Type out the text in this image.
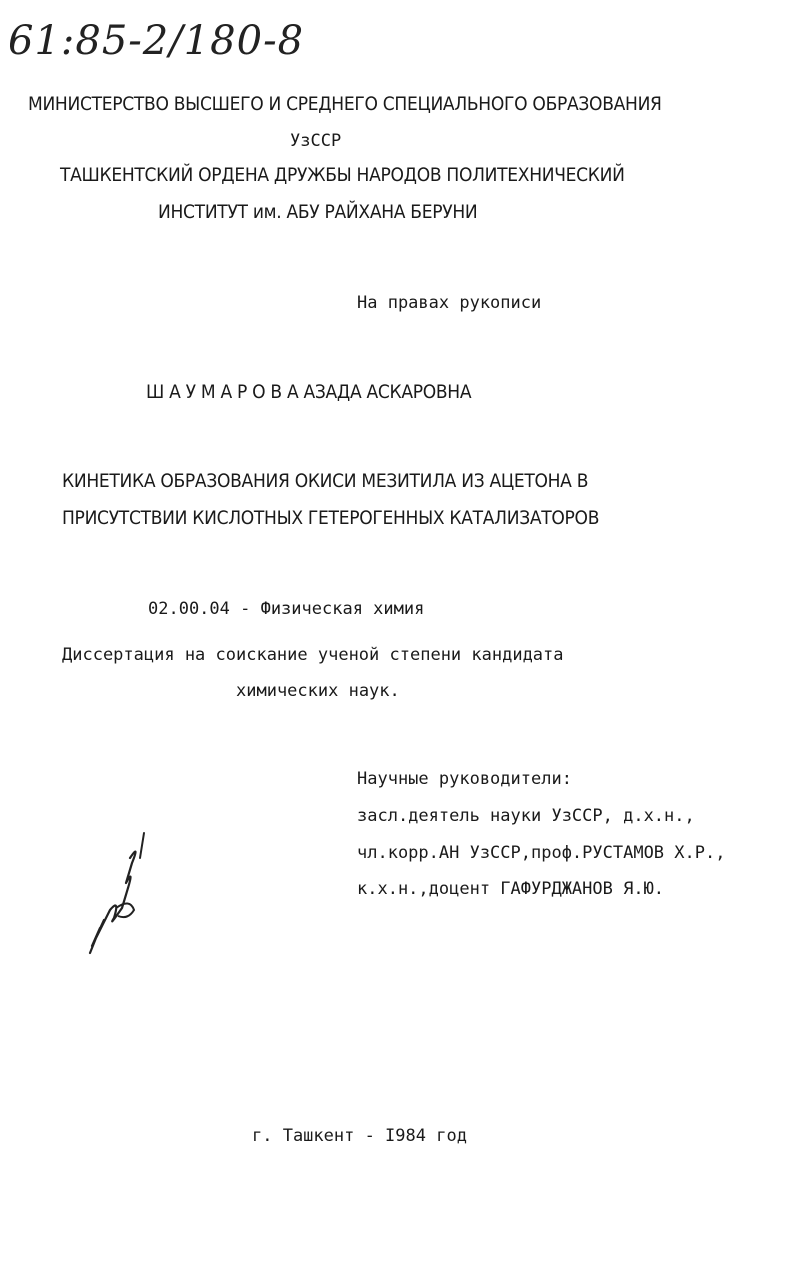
61:85-2/180-8
МИНИСТЕРСТВО ВЫСШЕГО И СРЕДНЕГО СПЕЦИАЛЬНОГО ОБРАЗОВАНИЯ
УзССР
ТАШКЕНТСКИЙ ОРДЕНА ДРУЖБЫ НАРОДОВ ПОЛИТЕХНИЧЕСКИЙ
ИНСТИТУТ им. АБУ РАЙХАНА БЕРУНИ
На правах рукописи
Ш А У М А Р О В А АЗАДА АСКАРОВНА
КИНЕТИКА ОБРАЗОВАНИЯ ОКИСИ МЕЗИТИЛА ИЗ АЦЕТОНА В
ПРИСУТСТВИИ КИСЛОТНЫХ ГЕТЕРОГЕННЫХ КАТАЛИЗАТОРОВ
02.00.04 - Физическая химия
Диссертация на соискание ученой степени кандидата
химических наук.
Научные руководители:
засл.деятель науки УзССР, д.х.н.,
чл.корр.АН УзССР,проф.РУСТАМОВ Х.Р.,
к.х.н.,доцент ГАФУРДЖАНОВ Я.Ю.
г. Ташкент - I984 год
